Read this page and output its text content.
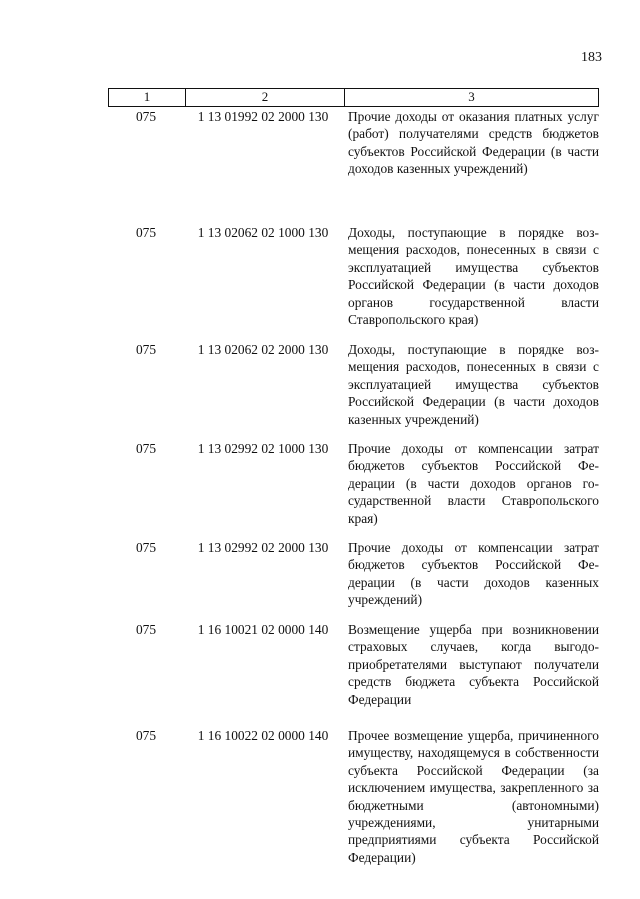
183
1	2	3
075	1 13 01992 02 2000 130	Прочие доходы от оказания платных услуг (работ) получателями средств бюджетов субъектов Российской Федерации (в части доходов казенных учреждений)
075	1 13 02062 02 1000 130	Доходы, поступающие в порядке возмещения расходов, понесенных в связи с эксплуатацией имущества субъектов Российской Федерации (в части доходов органов государственной власти Ставропольского края)
075	1 13 02062 02 2000 130	Доходы, поступающие в порядке возмещения расходов, понесенных в связи с эксплуатацией имущества субъектов Российской Федерации (в части доходов казенных учреждений)
075	1 13 02992 02 1000 130	Прочие доходы от компенсации затрат бюджетов субъектов Российской Федерации (в части доходов органов государственной власти Ставропольского края)
075	1 13 02992 02 2000 130	Прочие доходы от компенсации затрат бюджетов субъектов Российской Федерации (в части доходов казенных учреждений)
075	1 16 10021 02 0000 140	Возмещение ущерба при возникновении страховых случаев, когда выгодоприобретателями выступают получатели средств бюджета субъекта Российской Федерации
075	1 16 10022 02 0000 140	Прочее возмещение ущерба, причиненного имуществу, находящемуся в собственности субъекта Российской Федерации (за исключением имущества, закрепленного за бюджетными (автономными) учреждениями, унитарными предприятиями субъекта Российской Федерации)
